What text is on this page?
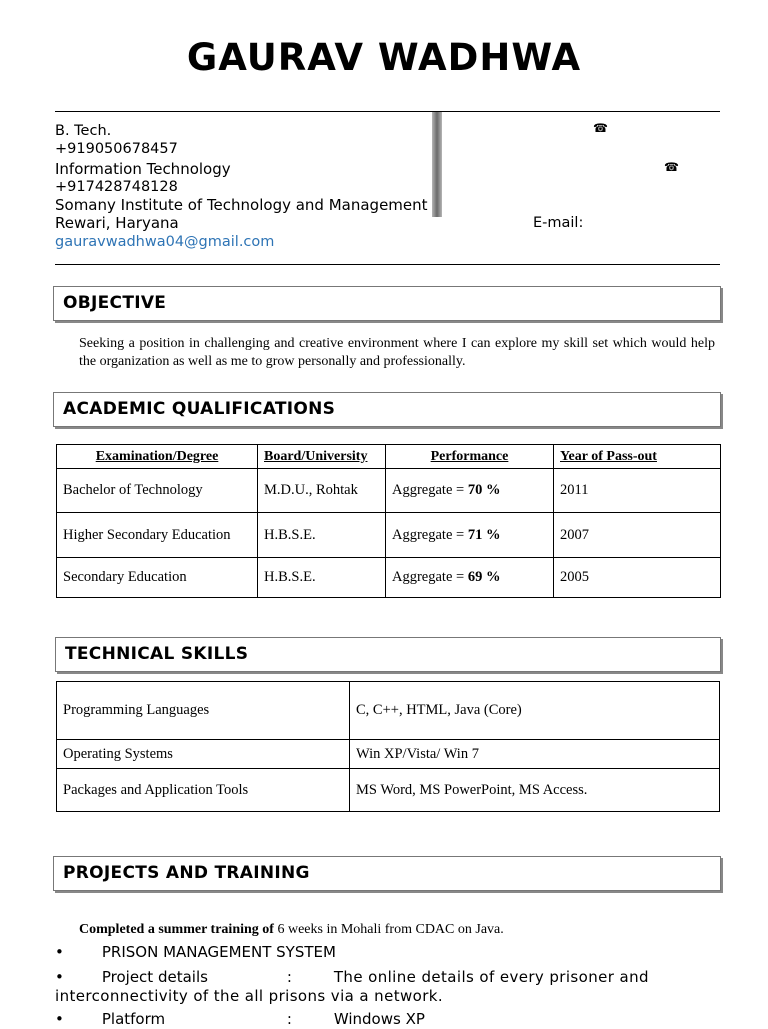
GAURAV WADHWA
B. Tech.	☎
+919050678457
Information Technology	☎
+917428748128
Somany Institute of Technology and Management
Rewari, Haryana	E-mail:
gauravwadhwa04@gmail.com
OBJECTIVE
Seeking a position in challenging and creative environment where I can explore my skill set which would help the organization as well as me to grow personally and professionally.
ACADEMIC QUALIFICATIONS
Examination/Degree	Board/University	Performance	Year of Pass-out
Bachelor of Technology	M.D.U., Rohtak	Aggregate = 70 %	2011
Higher Secondary Education	H.B.S.E.	Aggregate = 71 %	2007
Secondary Education	H.B.S.E.	Aggregate = 69 %	2005
TECHNICAL SKILLS
Programming Languages	C, C++, HTML, Java (Core)
Operating Systems	Win XP/Vista/ Win 7
Packages and Application Tools	MS Word, MS PowerPoint, MS Access.
PROJECTS AND TRAINING
Completed a summer training of 6 weeks in Mohali from CDAC on Java.
•	PRISON MANAGEMENT SYSTEM
•	Project details	:	The online details of every prisoner and interconnectivity of the all prisons via a network.
•	Platform	:	Windows XP
